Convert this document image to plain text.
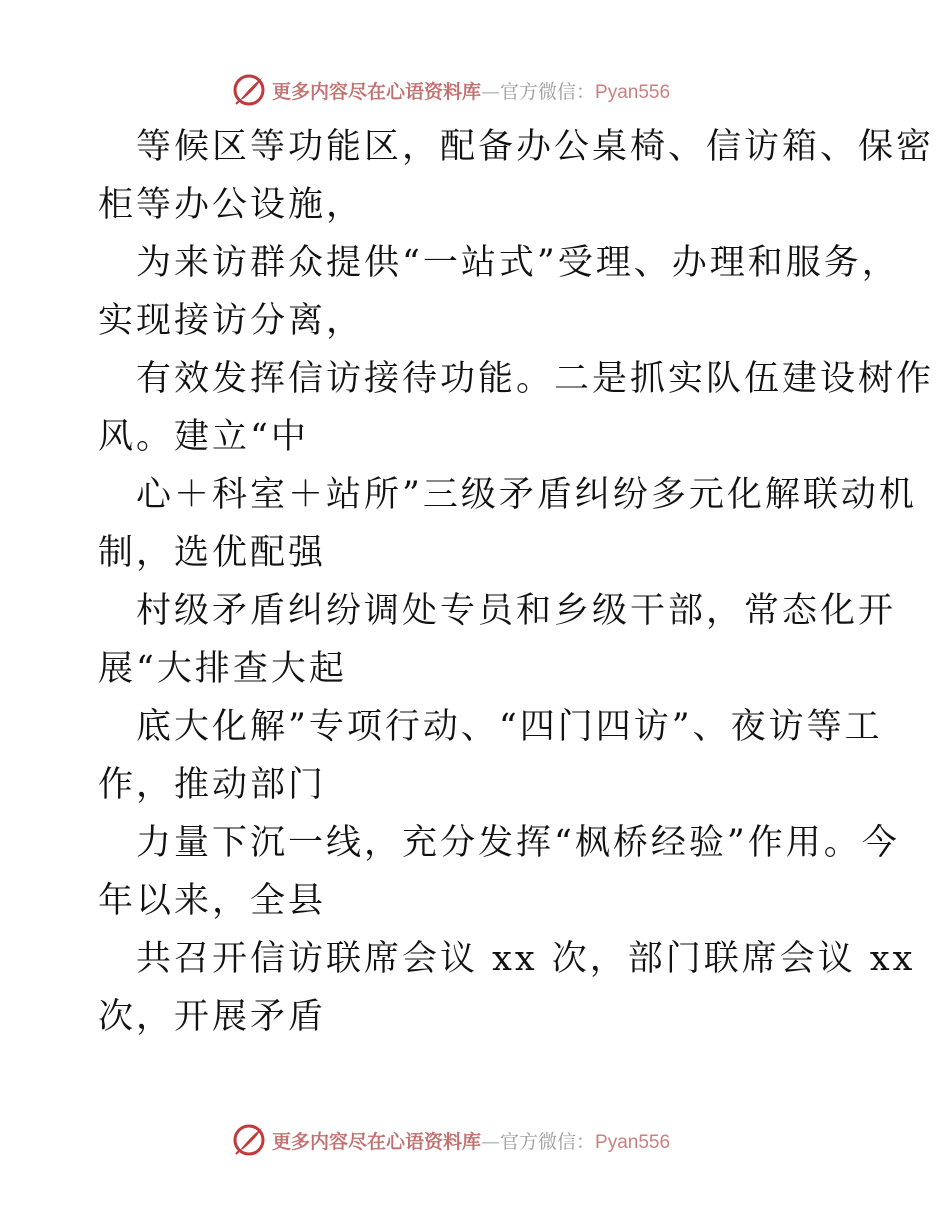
更多内容尽在心语资料库—官方微信：Pyan556

等候区等功能区，配备办公桌椅、信访箱、保密
柜等办公设施，

为来访群众提供“一站式”受理、办理和服务，
实现接访分离，

有效发挥信访接待功能。二是抓实队伍建设树作
风。建立“中

心＋科室＋站所”三级矛盾纠纷多元化解联动机
制，选优配强

村级矛盾纠纷调处专员和乡级干部，常态化开
展“大排查大起

底大化解”专项行动、“四门四访”、夜访等工
作，推动部门

力量下沉一线，充分发挥“枫桥经验”作用。今
年以来，全县

共召开信访联席会议 xx 次，部门联席会议 xx
次，开展矛盾

更多内容尽在心语资料库—官方微信：Pyan556
